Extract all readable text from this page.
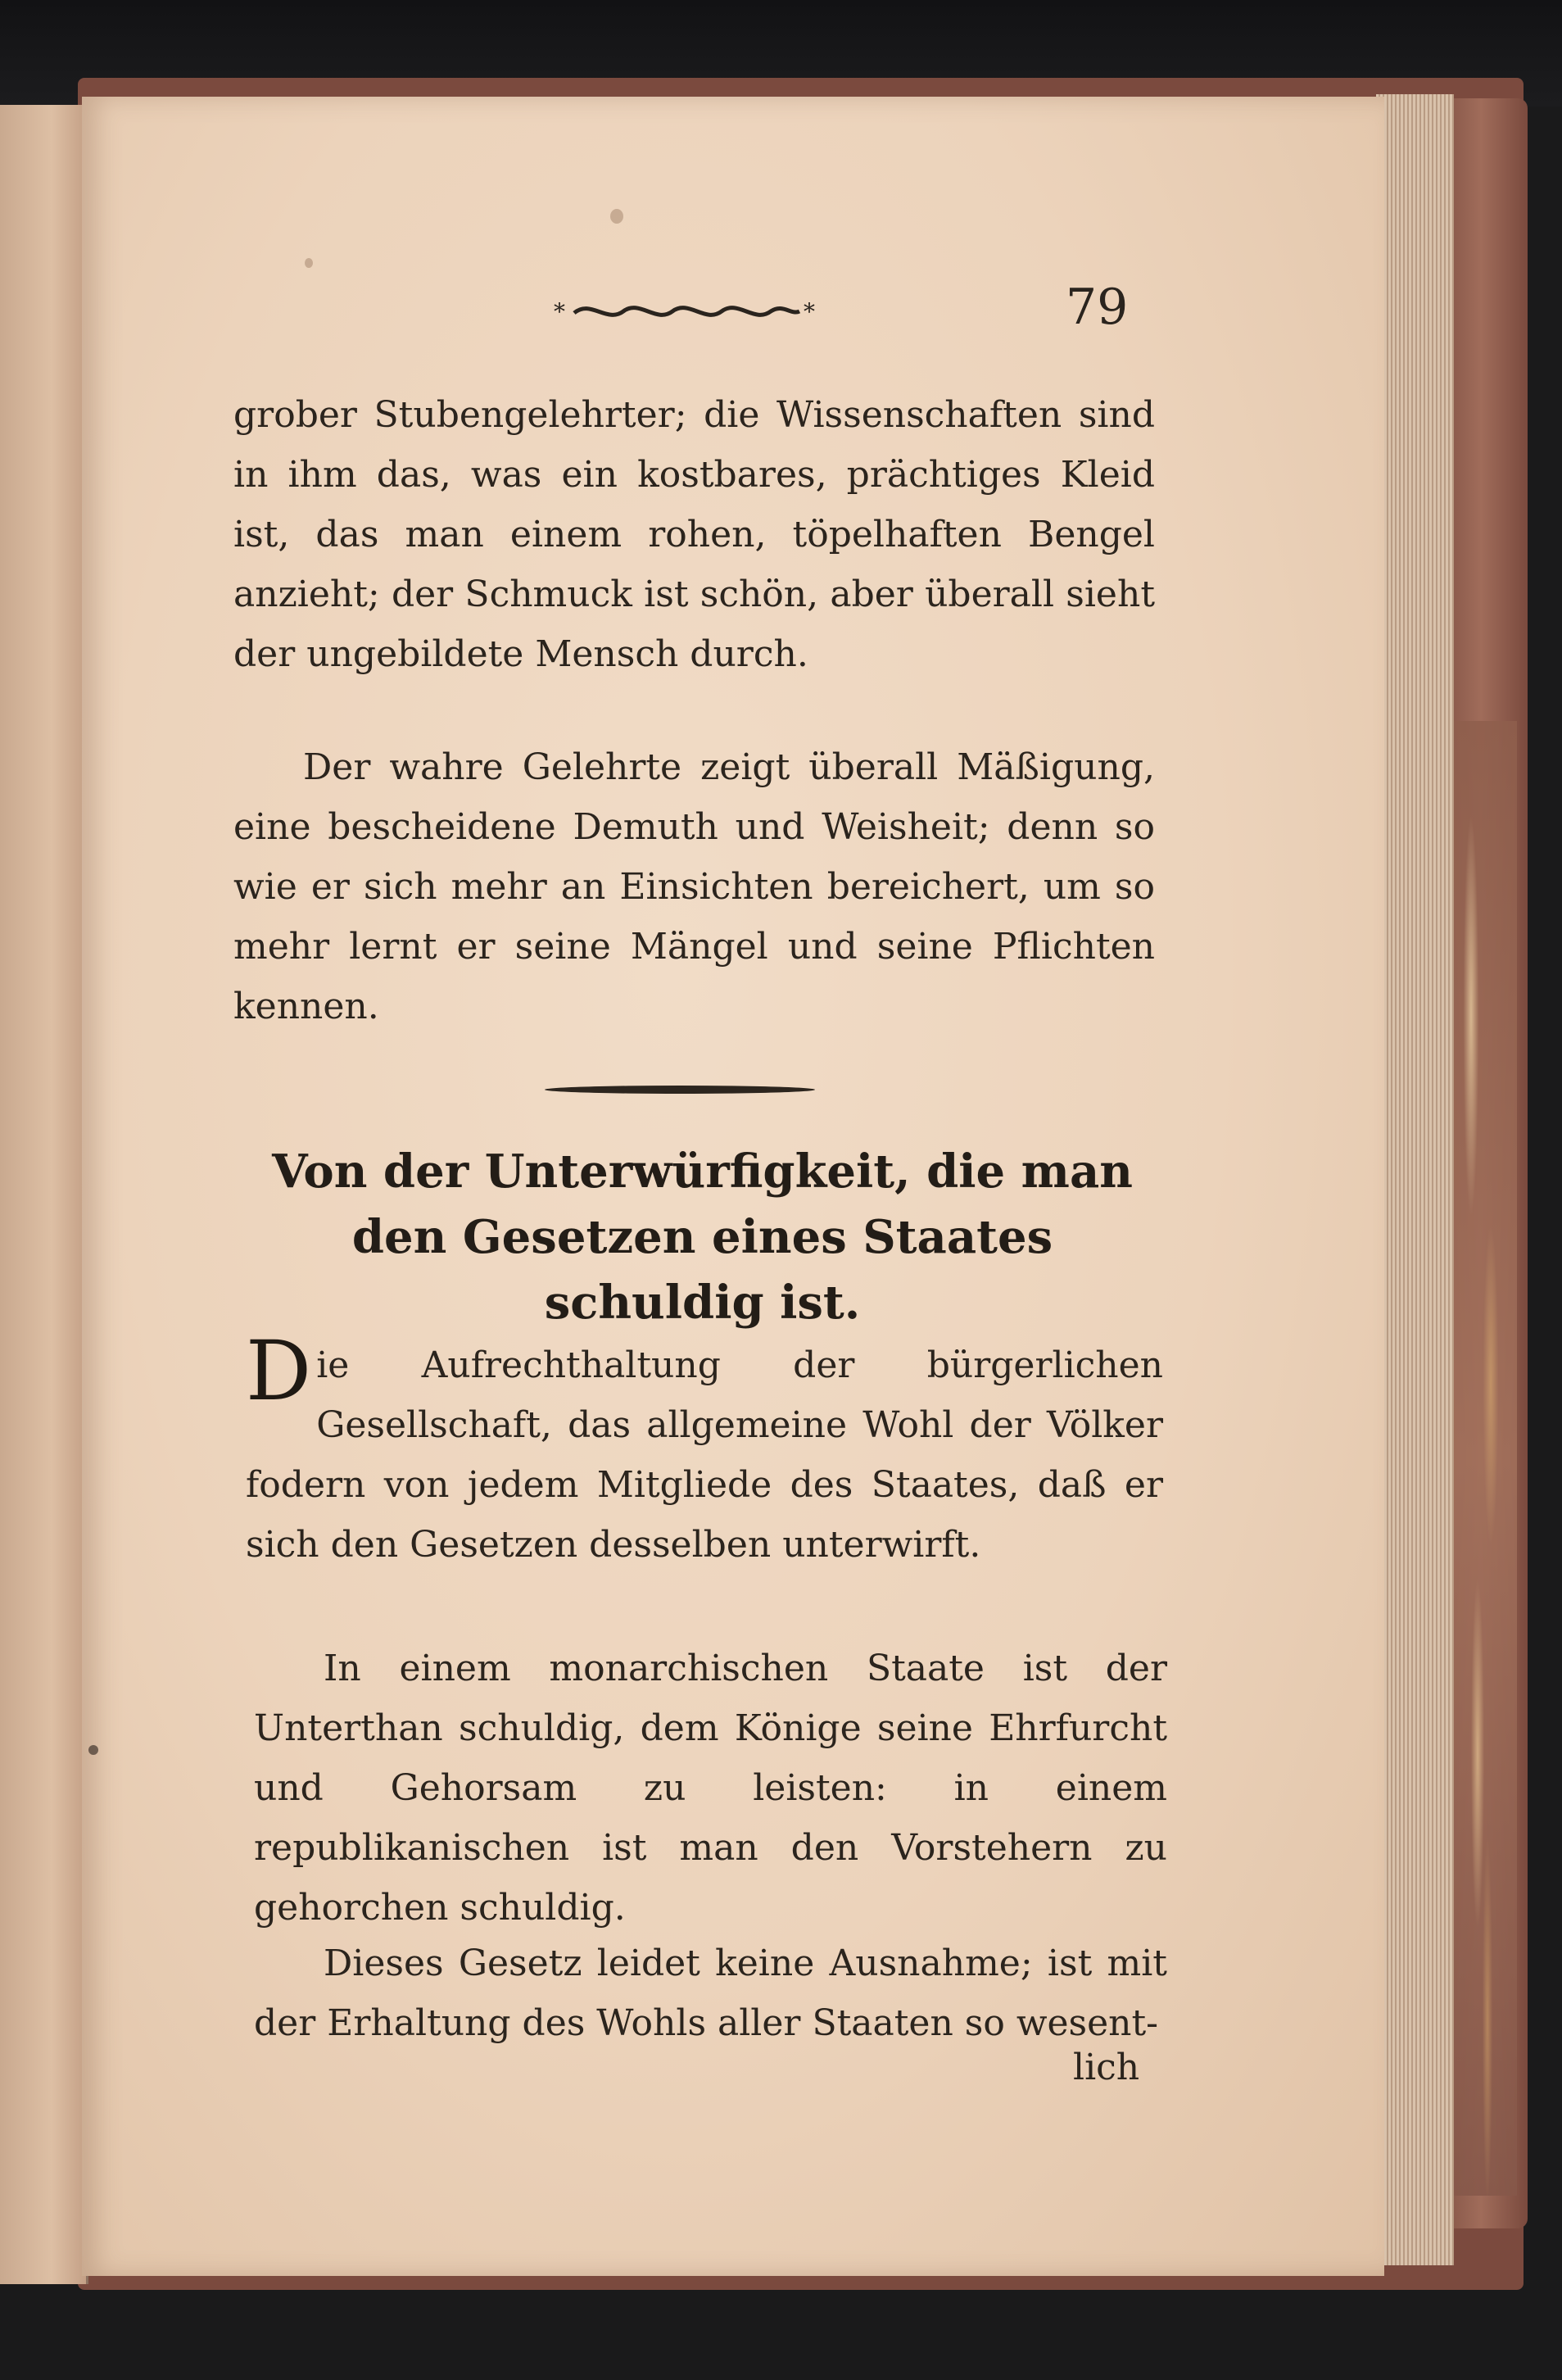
*	*	79

grober Stubengelehrter; die Wissenschaften sind in ihm das, was ein kostbares, prächtiges Kleid ist, das man einem rohen, töpelhaften Bengel anzieht; der Schmuck ist schön, aber überall sieht der ungebildete Mensch durch.

Der wahre Gelehrte zeigt überall Mäßigung, eine bescheidene Demuth und Weisheit; denn so wie er sich mehr an Einsichten bereichert, um so mehr lernt er seine Mängel und seine Pflichten kennen.

Von der Unterwürfigkeit, die man den Gesetzen eines Staates schuldig ist.

Die Aufrechthaltung der bürgerlichen Gesellschaft, das allgemeine Wohl der Völker fodern von jedem Mitgliede des Staates, daß er sich den Gesetzen desselben unterwirft.

In einem monarchischen Staate ist der Unterthan schuldig, dem Könige seine Ehrfurcht und Gehorsam zu leisten: in einem republikanischen ist man den Vorstehern zu gehorchen schuldig.

Dieses Gesetz leidet keine Ausnahme; ist mit der Erhaltung des Wohls aller Staaten so wesent-

lich
